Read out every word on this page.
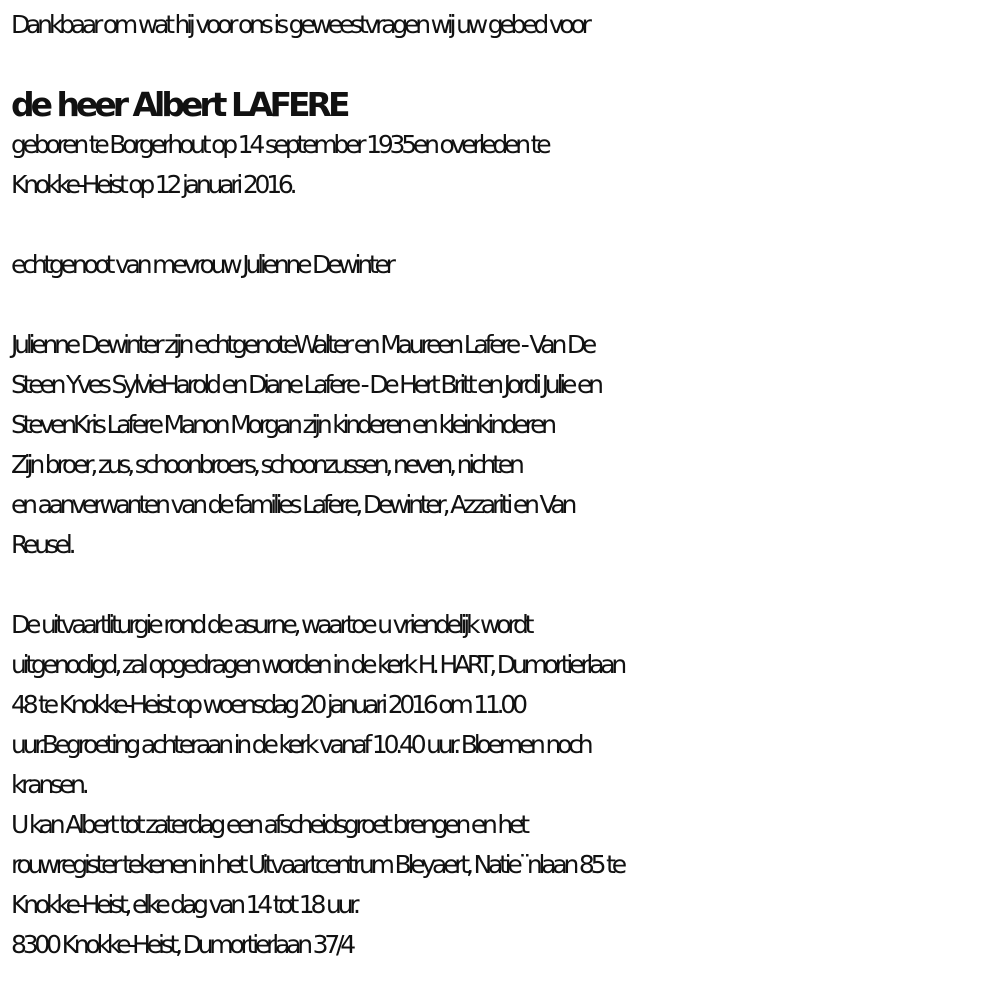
Dankbaar om wat hij voor ons is geweestvragen wij uw gebed voor
de heer Albert LAFERE
geboren te Borgerhout op 14 september 1935en overleden te
Knokke-Heist op 12 januari 2016.
echtgenoot van mevrouw Julienne Dewinter
Julienne Dewinter zijn echtgenoteWalter en Maureen Lafere - Van De
Steen Yves SylvieHarold en Diane Lafere - De Hert Britt en Jordi Julie en
StevenKris Lafere Manon Morgan zijn kinderen en kleinkinderen
Zijn broer, zus, schoonbroers, schoonzussen, neven, nichten
en aanverwanten van de families Lafere, Dewinter, Azzariti en Van
Reusel.
De uitvaartliturgie rond de asurne, waartoe u vriendelijk wordt
uitgenodigd, zal opgedragen worden in de kerk H. HART, Dumortierlaan
48 te Knokke-Heist op woensdag 20 januari 2016 om 11.00
uur.Begroeting achteraan in de kerk vanaf 10.40 uur. Bloemen noch
kransen.
U kan Albert tot zaterdag een afscheidsgroet brengen en het
rouwregister tekenen in het Uitvaartcentrum Bleyaert, Natie¨nlaan 85 te
Knokke-Heist, elke dag van 14 tot 18 uur.
8300 Knokke-Heist, Dumortierlaan 37/4
